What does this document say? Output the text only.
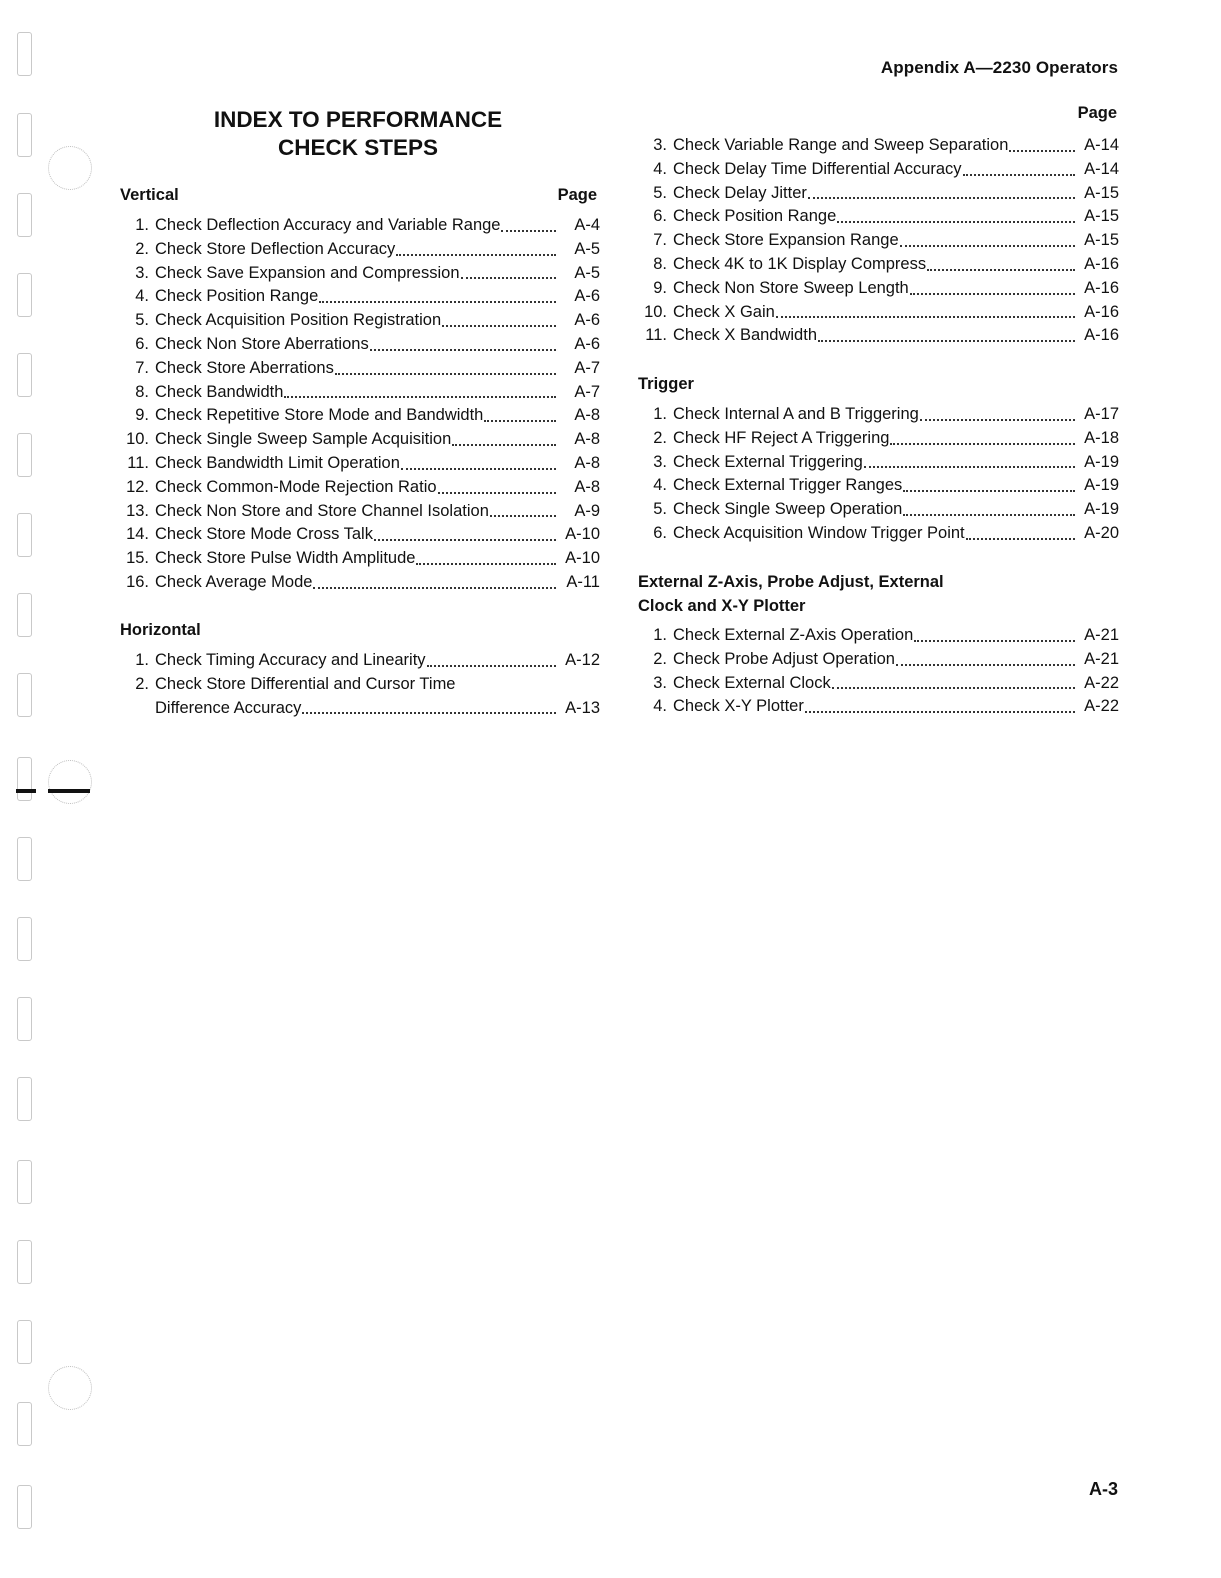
Appendix A—2230 Operators
INDEX TO PERFORMANCE
CHECK STEPS
Vertical	Page
1. Check Deflection Accuracy and Variable Range	A-4
2. Check Store Deflection Accuracy	A-5
3. Check Save Expansion and Compression	A-5
4. Check Position Range	A-6
5. Check Acquisition Position Registration	A-6
6. Check Non Store Aberrations	A-6
7. Check Store Aberrations	A-7
8. Check Bandwidth	A-7
9. Check Repetitive Store Mode and Bandwidth	A-8
10. Check Single Sweep Sample Acquisition	A-8
11. Check Bandwidth Limit Operation	A-8
12. Check Common-Mode Rejection Ratio	A-8
13. Check Non Store and Store Channel Isolation	A-9
14. Check Store Mode Cross Talk	A-10
15. Check Store Pulse Width Amplitude	A-10
16. Check Average Mode	A-11
Horizontal
1. Check Timing Accuracy and Linearity	A-12
2. Check Store Differential and Cursor Time
Difference Accuracy	A-13
Page
3. Check Variable Range and Sweep Separation	A-14
4. Check Delay Time Differential Accuracy	A-14
5. Check Delay Jitter	A-15
6. Check Position Range	A-15
7. Check Store Expansion Range	A-15
8. Check 4K to 1K Display Compress	A-16
9. Check Non Store Sweep Length	A-16
10. Check X Gain	A-16
11. Check X Bandwidth	A-16
Trigger
1. Check Internal A and B Triggering	A-17
2. Check HF Reject A Triggering	A-18
3. Check External Triggering	A-19
4. Check External Trigger Ranges	A-19
5. Check Single Sweep Operation	A-19
6. Check Acquisition Window Trigger Point	A-20
External Z-Axis, Probe Adjust, External
Clock and X-Y Plotter
1. Check External Z-Axis Operation	A-21
2. Check Probe Adjust Operation	A-21
3. Check External Clock	A-22
4. Check X-Y Plotter	A-22
A-3
